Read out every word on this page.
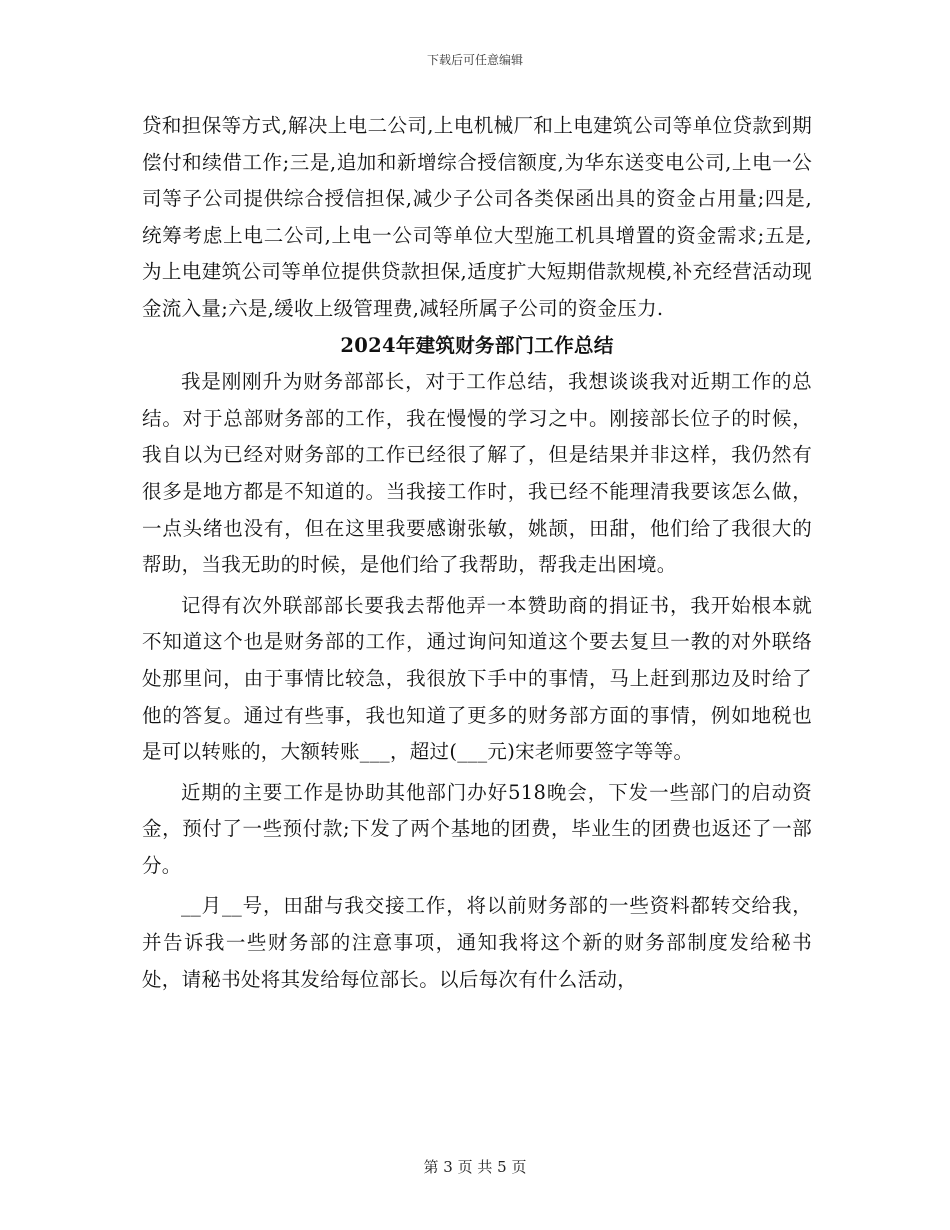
下载后可任意编辑

贷和担保等方式,解决上电二公司,上电机械厂和上电建筑公司等单位贷款到期偿付和续借工作;三是,追加和新增综合授信额度,为华东送变电公司,上电一公司等子公司提供综合授信担保,减少子公司各类保函出具的资金占用量;四是,统筹考虑上电二公司,上电一公司等单位大型施工机具增置的资金需求;五是,为上电建筑公司等单位提供贷款担保,适度扩大短期借款规模,补充经营活动现金流入量;六是,缓收上级管理费,减轻所属子公司的资金压力.

2024年建筑财务部门工作总结

我是刚刚升为财务部部长，对于工作总结，我想谈谈我对近期工作的总结。对于总部财务部的工作，我在慢慢的学习之中。刚接部长位子的时候，我自以为已经对财务部的工作已经很了解了，但是结果并非这样，我仍然有很多是地方都是不知道的。当我接工作时，我已经不能理清我要该怎么做，一点头绪也没有，但在这里我要感谢张敏，姚颉，田甜，他们给了我很大的帮助，当我无助的时候，是他们给了我帮助，帮我走出困境。

记得有次外联部部长要我去帮他弄一本赞助商的捐证书，我开始根本就不知道这个也是财务部的工作，通过询问知道这个要去复旦一教的对外联络处那里问，由于事情比较急，我很放下手中的事情，马上赶到那边及时给了他的答复。通过有些事，我也知道了更多的财务部方面的事情，例如地税也是可以转账的，大额转账___，超过(___元)宋老师要签字等等。

近期的主要工作是协助其他部门办好518晚会，下发一些部门的启动资金，预付了一些预付款;下发了两个基地的团费，毕业生的团费也返还了一部分。

__月__号，田甜与我交接工作，将以前财务部的一些资料都转交给我，并告诉我一些财务部的注意事项，通知我将这个新的财务部制度发给秘书处，请秘书处将其发给每位部长。以后每次有什么活动，

第 3 页 共 5 页
